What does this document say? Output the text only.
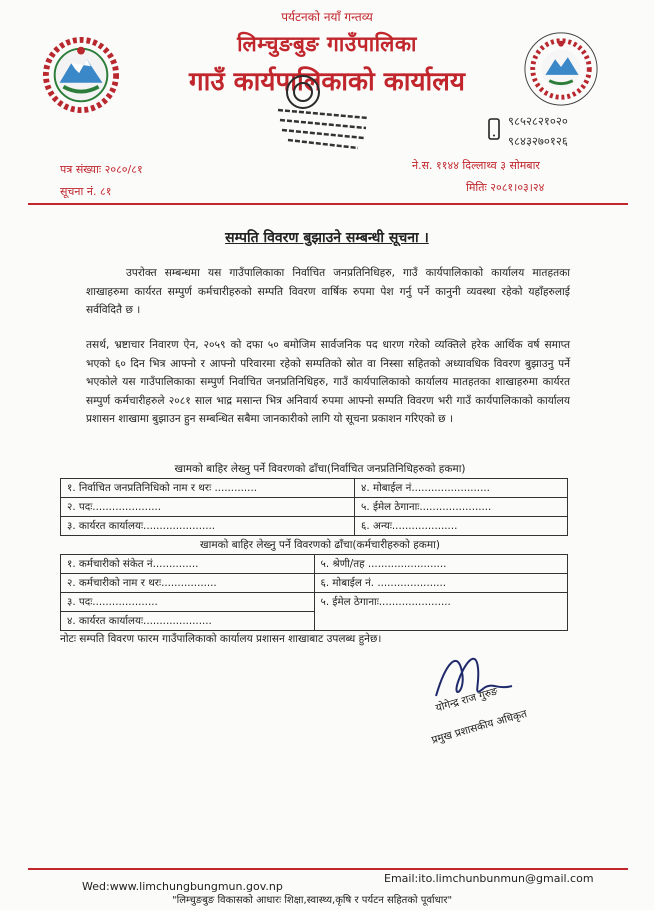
पर्यटनको नयाँ गन्तव्य
लिम्चुङबुङ गाउँपालिका
गाउँ कार्यपालिकाको कार्यालय
९८५२८२१०२०
९८४३२७०१२६
पत्र संख्याः २०८०/८१
सूचना नं. ८१
ने.स. ११४४ दिल्लाथ्व ३ सोमबार
मितिः २०८१।०३।२४
सम्पति विवरण बुझाउने सम्बन्धी सूचना ।
उपरोक्त सम्बन्धमा यस गाउँपालिकाका निर्वाचित जनप्रतिनिधिहरु, गाउँ कार्यपालिकाको कार्यालय मातहतका शाखाहरुमा कार्यरत सम्पुर्ण कर्मचारीहरुको सम्पति विवरण वार्षिक रुपमा पेश गर्नु पर्ने कानुनी व्यवस्था रहेको यहाँहरुलाई सर्वविदितै छ ।
तसर्थ, भ्रष्टाचार निवारण ऐन, २०५९ को दफा ५० बमोजिम सार्वजनिक पद धारण गरेको व्यक्तिले हरेक आर्थिक वर्ष समाप्त भएको ६० दिन भित्र आफ्नो र आफ्नो परिवारमा रहेको सम्पतिको स्रोत वा निस्सा सहितको अध्यावधिक विवरण बुझाउनु पर्ने भएकोले यस गाउँपालिकाका सम्पुर्ण निर्वाचित जनप्रतिनिधिहरु, गाउँ कार्यपालिकाको कार्यालय मातहतका शाखाहरुमा कार्यरत सम्पुर्ण कर्मचारीहरुले २०८१ साल भाद्र मसान्त भित्र अनिवार्य रुपमा आफ्नो सम्पति विवरण भरी गाउँ कार्यपालिकाको कार्यालय प्रशासन शाखामा बुझाउन हुन सम्बन्धित सबैमा जानकारीको लागि यो सूचना प्रकाशन गरिएको छ ।
खामको बाहिर लेख्नु पर्ने विवरणको ढाँचा(निर्वाचित जनप्रतिनिधिहरुको हकमा)
१. निर्वाचित जनप्रतिनिधिको नाम र थरः .............	४. मोबाईल नं........................
२. पदः.....................	५. ईमेल ठेगानाः......................
३. कार्यरत कार्यालयः......................	६. अन्यः....................
खामको बाहिर लेख्नु पर्ने विवरणको ढाँचा(कर्मचारीहरुको हकमा)
१. कर्मचारीको संकेत नं..............	५. श्रेणी/तह ........................
२. कर्मचारीको नाम र थरः.................	६. मोबाईल नं. .....................
३. पदः....................	५. ईमेल ठेगानाः......................
४. कार्यरत कार्यालयः.....................	
नोटः सम्पति विवरण फारम गाउँपालिकाको कार्यालय प्रशासन शाखाबाट उपलब्ध हुनेछ।
योगेन्द्र राज गुरुङ
प्रमुख प्रशासकीय अधिकृत
Wed:www.limchungbungmun.gov.np
Email:ito.limchunbunmun@gmail.com
"लिम्चुङबुङ विकासको आधारः शिक्षा,स्वास्थ्य,कृषि र पर्यटन सहितको पूर्वाधार"
